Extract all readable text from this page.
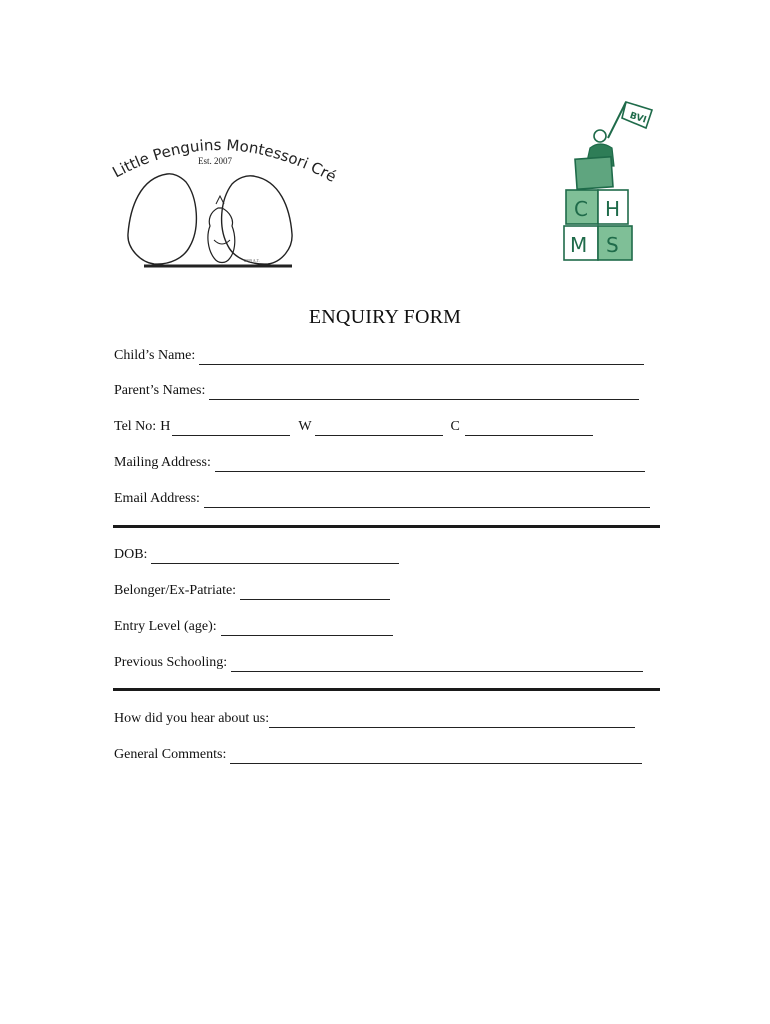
Little Penguins Montessori Cré
Est. 2007
2009 A.T.
BVI
C H
M S
ENQUIRY FORM
Child’s Name:
Parent’s Names:
Tel No: H	W	C
Mailing Address:
Email Address:
DOB:
Belonger/Ex-Patriate:
Entry Level (age):
Previous Schooling:
How did you hear about us:
General Comments:
